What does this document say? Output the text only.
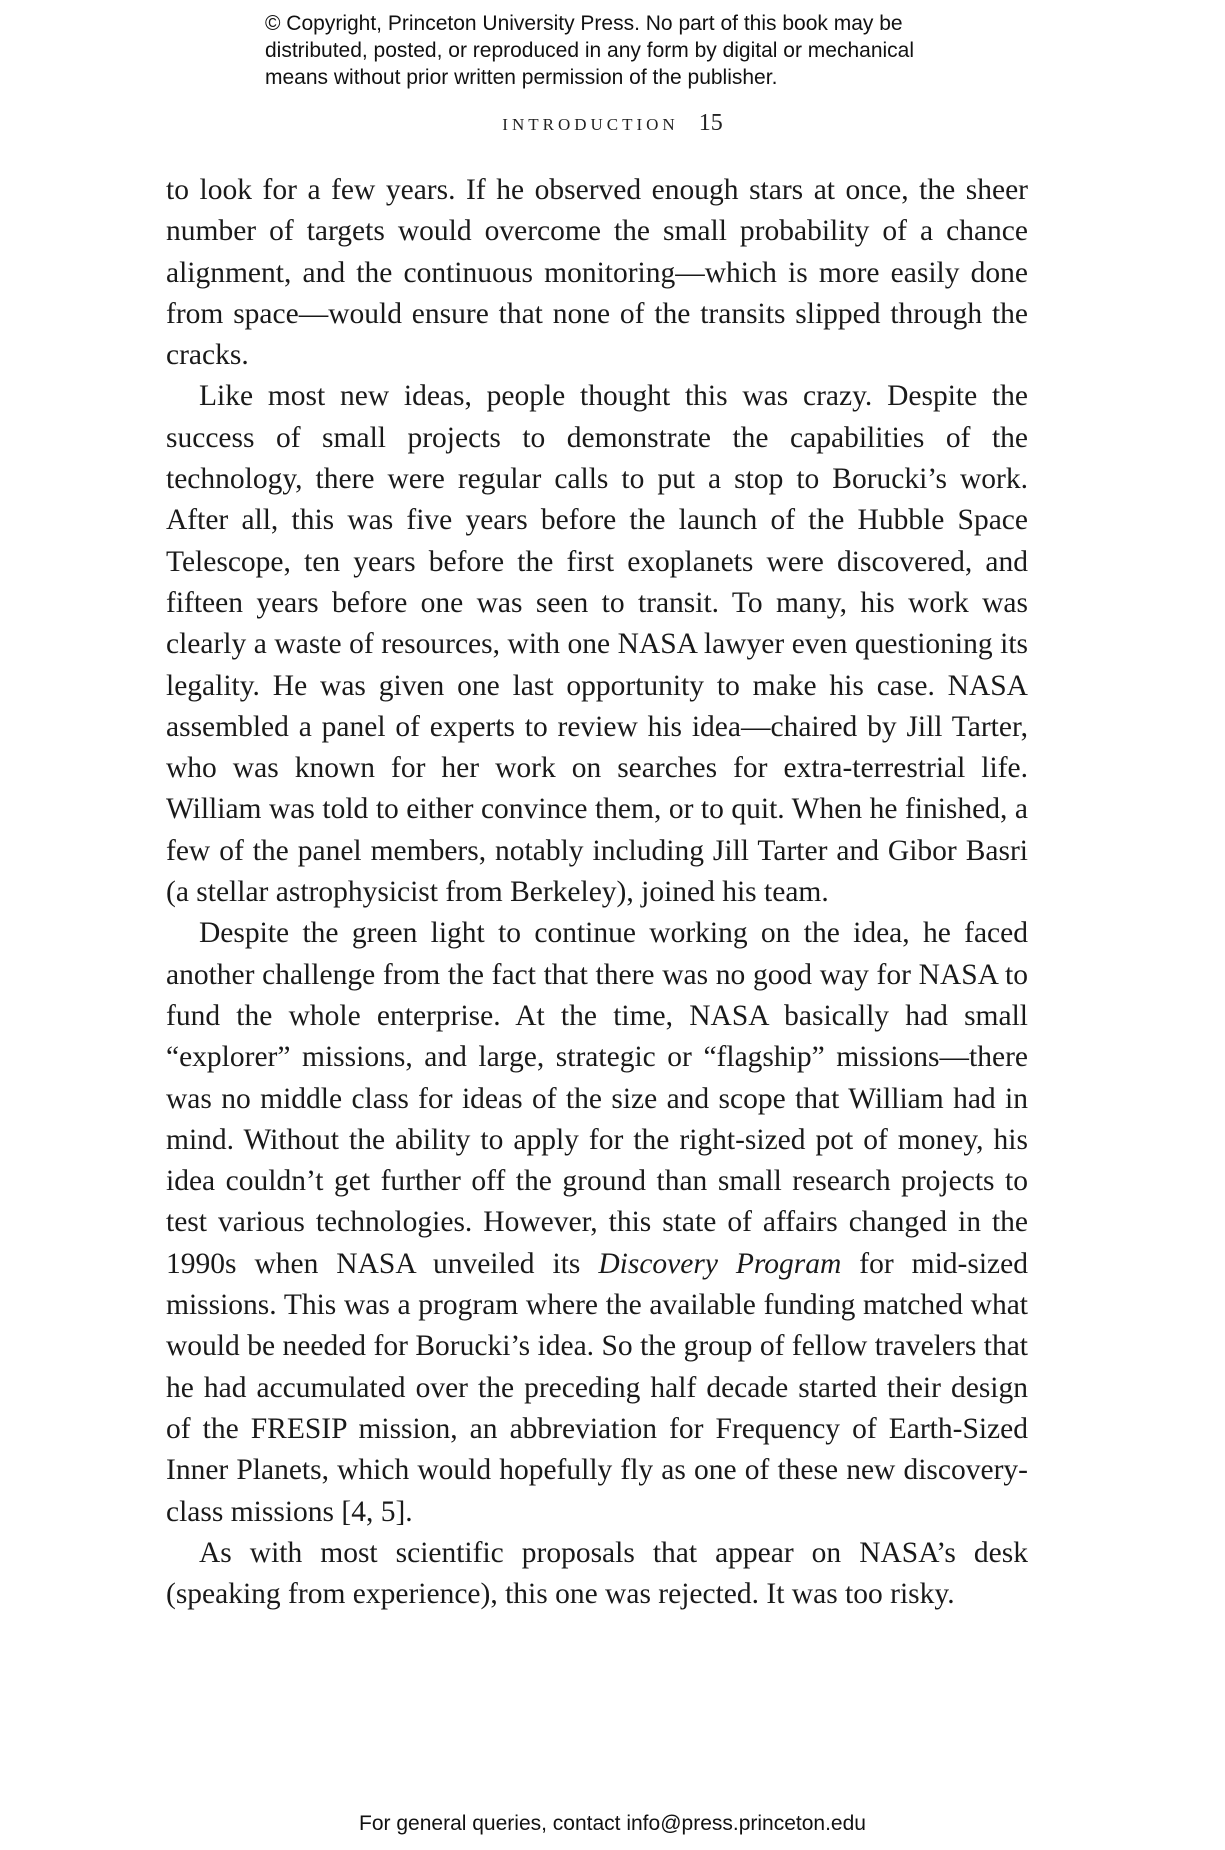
© Copyright, Princeton University Press. No part of this book may be
distributed, posted, or reproduced in any form by digital or mechanical
means without prior written permission of the publisher.
introduction 15

to look for a few years. If he observed enough stars at once, the sheer number of targets would overcome the small probability of a chance alignment, and the continuous monitoring—which is more easily done from space—would ensure that none of the transits slipped through the cracks.

Like most new ideas, people thought this was crazy. Despite the success of small projects to demonstrate the capabilities of the technology, there were regular calls to put a stop to Borucki’s work. After all, this was five years before the launch of the Hubble Space Telescope, ten years before the first exoplanets were discovered, and fifteen years before one was seen to transit. To many, his work was clearly a waste of resources, with one NASA lawyer even questioning its legality. He was given one last opportunity to make his case. NASA assembled a panel of experts to review his idea—chaired by Jill Tarter, who was known for her work on searches for extra-terrestrial life. William was told to either convince them, or to quit. When he finished, a few of the panel members, notably including Jill Tarter and Gibor Basri (a stellar astrophysicist from Berkeley), joined his team.

Despite the green light to continue working on the idea, he faced another challenge from the fact that there was no good way for NASA to fund the whole enterprise. At the time, NASA basically had small “explorer” missions, and large, strategic or “flagship” missions—there was no middle class for ideas of the size and scope that William had in mind. Without the ability to apply for the right-sized pot of money, his idea couldn’t get further off the ground than small research projects to test various technologies. However, this state of affairs changed in the 1990s when NASA unveiled its Discovery Program for mid-sized missions. This was a program where the available funding matched what would be needed for Borucki’s idea. So the group of fellow travelers that he had accumulated over the preceding half decade started their design of the FRESIP mission, an abbreviation for Frequency of Earth-Sized Inner Planets, which would hopefully fly as one of these new discovery-class missions [4, 5].

As with most scientific proposals that appear on NASA’s desk (speaking from experience), this one was rejected. It was too risky.

For general queries, contact info@press.princeton.edu
